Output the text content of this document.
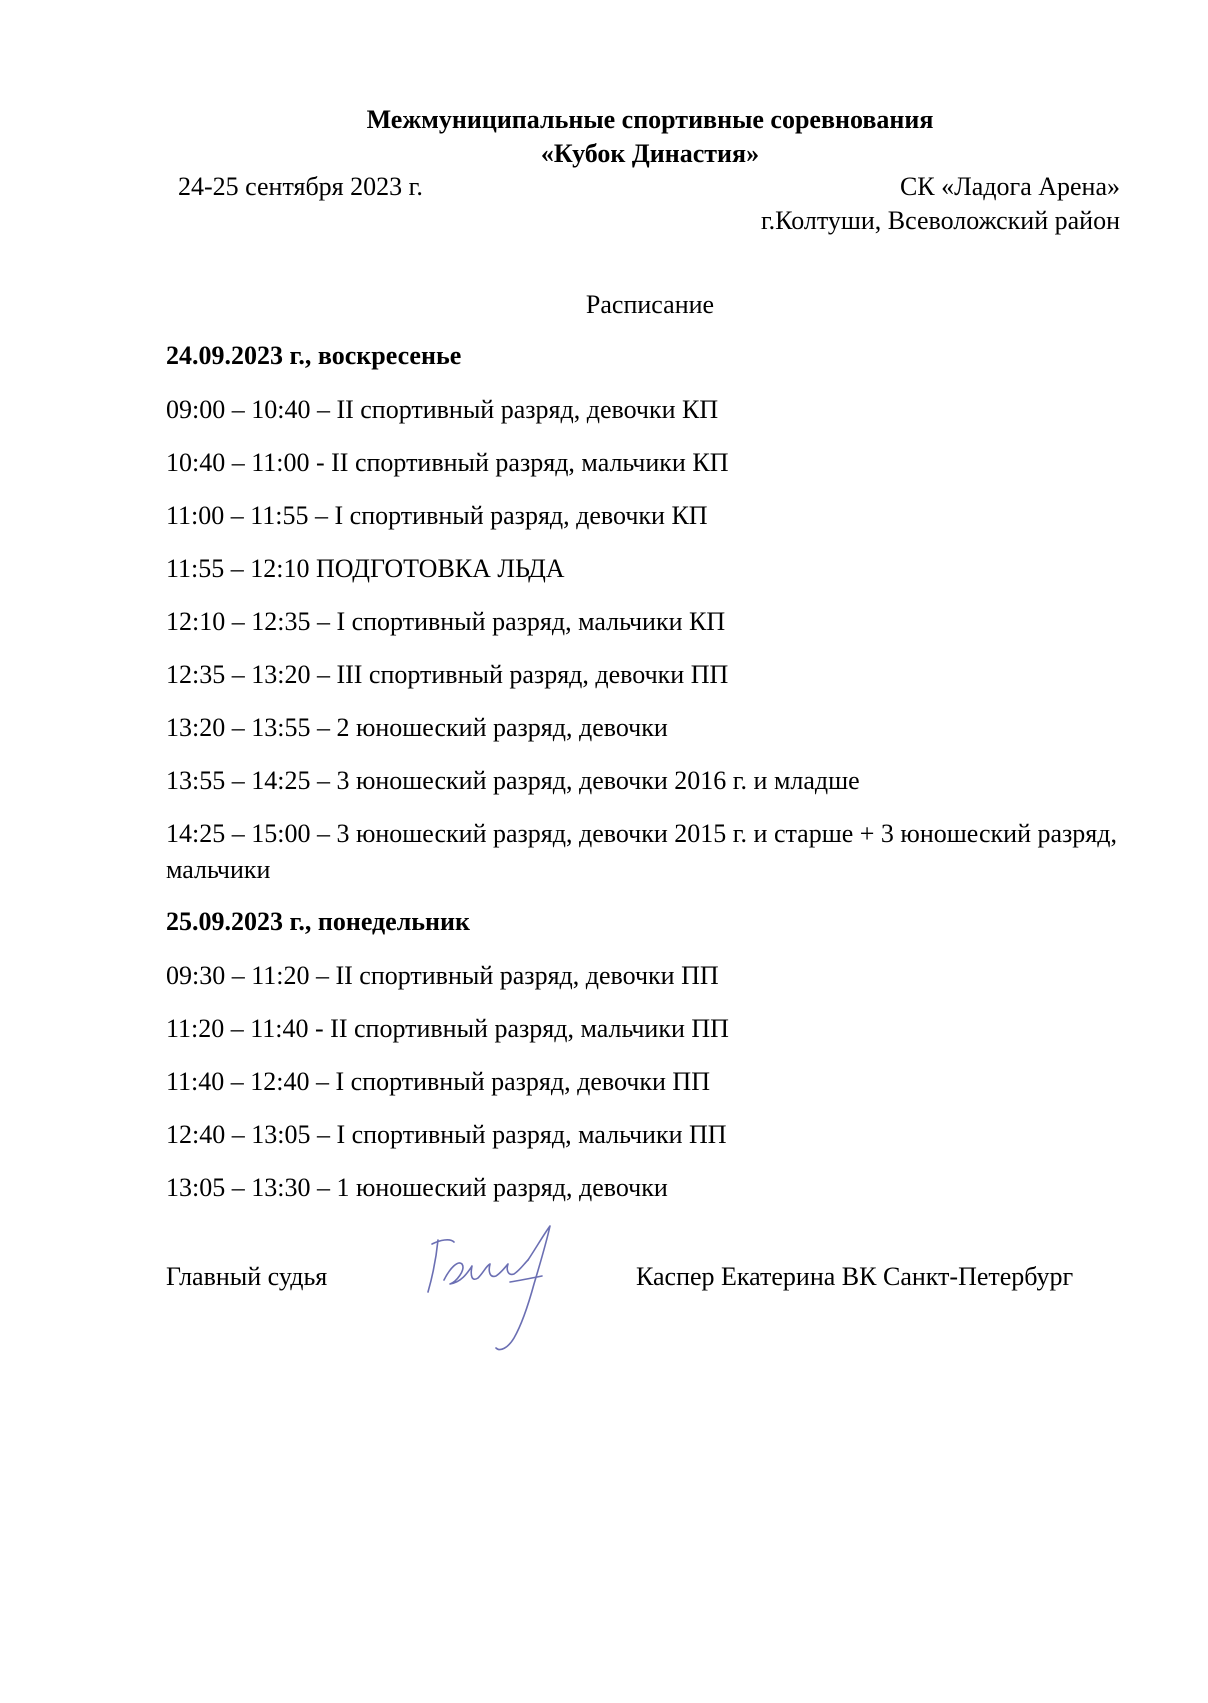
Межмуниципальные спортивные соревнования
«Кубок Династия»
24-25 сентября 2023 г.	СК «Ладога Арена»
г.Колтуши, Всеволожский район
Расписание
24.09.2023 г., воскресенье
09:00 – 10:40 – II спортивный разряд, девочки КП
10:40 – 11:00 - II спортивный разряд, мальчики КП
11:00 – 11:55 – I спортивный разряд, девочки КП
11:55 – 12:10 ПОДГОТОВКА ЛЬДА
12:10 – 12:35 – I спортивный разряд, мальчики КП
12:35 – 13:20 – III спортивный разряд, девочки ПП
13:20 – 13:55 – 2 юношеский разряд, девочки
13:55 – 14:25 – 3 юношеский разряд, девочки 2016 г. и младше
14:25 – 15:00 – 3 юношеский разряд, девочки 2015 г. и старше + 3 юношеский разряд, мальчики
25.09.2023 г., понедельник
09:30 – 11:20 – II спортивный разряд, девочки ПП
11:20 – 11:40 - II спортивный разряд, мальчики ПП
11:40 – 12:40 – I спортивный разряд, девочки ПП
12:40 – 13:05 – I спортивный разряд, мальчики ПП
13:05 – 13:30 – 1 юношеский разряд, девочки
Главный судья	Каспер Екатерина ВК Санкт-Петербург
